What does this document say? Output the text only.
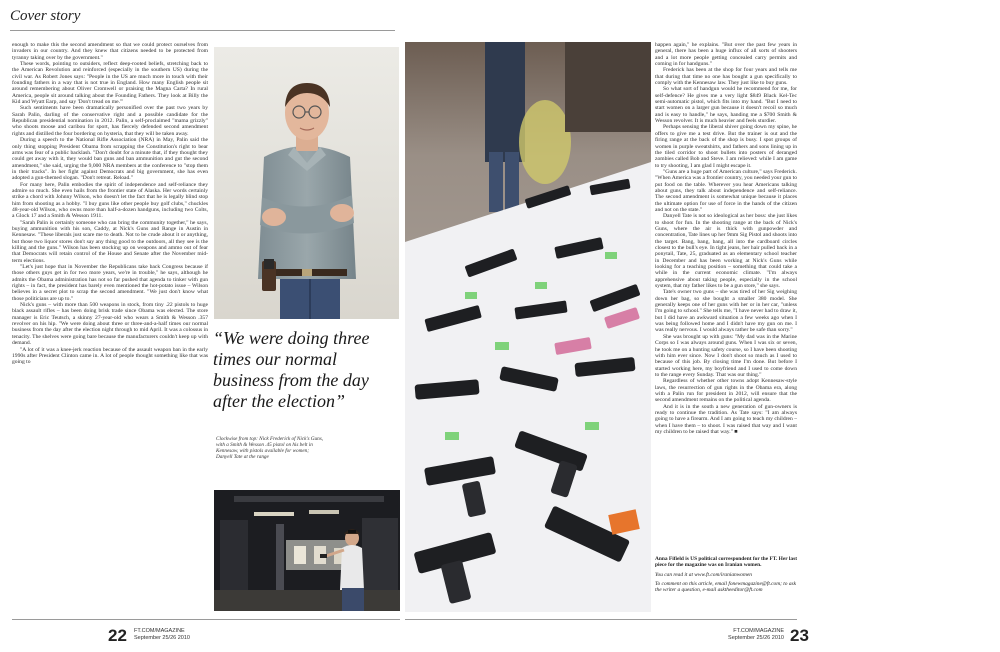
Cover story

enough to make this the second amendment so that we could protect ourselves from invaders in our country. And they knew that citizens needed to be protected from tyranny taking over by the government."

These words, pointing to outsiders, reflect deep-rooted beliefs, stretching back to the American Revolution and reinforced (especially in the southern US) during the civil war. As Robert Jones says: "People in the US are much more in touch with their founding fathers in a way that is not true in England. How many English people sit around remembering about Oliver Cromwell or praising the Magna Carta? In rural America, people sit around talking about the Founding Fathers. They look at Billy the Kid and Wyatt Earp, and say 'Don't tread on me.'"

Such sentiments have been dramatically personified over the past two years by Sarah Palin, darling of the conservative right and a possible candidate for the Republican presidential nomination in 2012. Palin, a self-proclaimed "mama grizzly" who shoots moose and caribou for sport, has fiercely defended second amendment rights and distilled the four bordering on hysteria, that they will be taken away.

During a speech to the National Rifle Association (NRA) in May, Palin said the only thing stopping President Obama from scrapping the Constitution's right to bear arms was fear of a public backlash. "Don't doubt for a minute that, if they thought they could get away with it, they would ban guns and ban ammunition and gut the second amendment," she said, urging the 9,000 NRA members at the conference to "stop them in their tracks". In her fight against Democrats and big government, she has even adopted a gun-themed slogan. "Don't retreat. Reload."

For many here, Palin embodies the spirit of independence and self-reliance they admire so much. She even hails from the frontier state of Alaska. Her words certainly strike a chord with Johnny Wilson, who doesn't let the fact that he is legally blind stop him from shooting as a hobby. "I buy guns like other people buy golf clubs," chuckles 48-year-old Wilson, who owns more than half-a-dozen handguns, including two Colts, a Glock 17 and a Smith & Wesson 1911.

"Sarah Palin is certainly someone who can bring the community together," he says, buying ammunition with his son, Caddy, at Nick's Guns and Range in Austin in Kennesaw. "These liberals just scare me to death. Not to be crude about it or anything, but those two liquor stores don't say any thing good to the outdoors, all they see is the killing and the guns." Wilson has been stocking up on weapons and ammo out of fear that Democrats will retain control of the House and Senate after the November mid-term elections.

"Let's just hope that in November the Republicans take back Congress because if those others guys get in for two more years, we're in trouble," he says, although he admits the Obama administration has not so far pushed that agenda to tinker with gun rights – in fact, the president has barely even mentioned the hot-potato issue – Wilson believes in a secret plot to scrap the second amendment. "We just don't know what those politicians are up to."

Nick's guns – with more than 500 weapons in stock, from tiny .22 pistols to huge black assault rifles – has been doing brisk trade since Obama was elected. The store manager is Eric Teutsch, a skinny 27-year-old who wears a Smith & Wesson .357 revolver on his hip. "We were doing about three or three-and-a-half times our normal business from the day after the election night through to mid April. It was a colossus in tenacity. The shelves were going bare because the manufacturers couldn't keep up with demand.

"A lot of it was a knee-jerk reaction because of the assault weapon ban in the early 1990s after President Clinton came in. A lot of people thought something like that was going to

“We were doing three times our normal business from the day after the election”
Clockwise from top: Nick Frederick of Nick's Guns, with a Smith & Wesson .45 pistol on his belt in Kennesaw, with pistols available for women; Danyell Tate at the range

happen again," he explains. "But over the past few years in general, there has been a huge influx of all sorts of shooters and a lot more people getting concealed carry permits and coming in for handguns."

Frederick has been at the shop for four years and tells me that during that time no one has bought a gun specifically to comply with the Kennesaw law. They just like to buy guns.

So what sort of handgun would he recommend for me, for self-defence? He gives me a very light $849 Black Kel-Tec semi-automatic pistol, which fits into my hand. "But I need to start women on a larger gun because it doesn't recoil so much and is easy to handle," he says, handing me a $700 Smith & Wesson revolver. It is much heavier and feels sturdier.

Perhaps sensing the liberal shiver going down my spine, he offers to give me a test drive. But the trainer is out and the firing range at the back of the shop is busy. I spot groups of women in purple sweatshirts, and fathers and sons lining up in the tiled corridor to shoot bullets into posters of deranged zombies called Bob and Steve. I am relieved: while I am game to try shooting, I am glad I might escape it.

"Guns are a huge part of American culture," says Frederick. "When America was a frontier country, you needed your gun to put food on the table. Wherever you hear Americans talking about guns, they talk about independence and self-reliance. The second amendment is somewhat unique because it places the ultimate option for use of force in the hands of the citizen and not on the state."

Danyell Tate is not so ideological as her boss: she just likes to shoot for fun. In the shooting range at the back of Nick's Guns, where the air is thick with gunpowder and concentration, Tate lines up her 9mm Sig Pistol and shoots into the target. Bang, bang, bang, all into the cardboard circles closest to the bull's eye. In tight jeans, her hair pulled back in a ponytail, Tate, 25, graduated as an elementary school teacher in December and has been working at Nick's Guns while looking for a teaching position – something that could take a while in the current economic climate. "I'm always apprehensive about taking people, especially in the school system, that my father likes to be a gun store," she says.

Tate's owner two guns – she was tired of her Sig weighing down her bag, so she bought a smaller 380 model. She generally keeps one of her guns with her or in her car, "unless I'm going to school." She tells me, "I have never had to draw it, but I did have an awkward situation a few weeks ago when I was being followed home and I didn't have my gun on me. I was really nervous. I would always rather be safe than sorry."

She was brought up with guns: "My dad was in the Marine Corps so I was always around guns. When I was six or seven, he took me on a hunting safety course, so I have been shooting with him ever since. Now I don't shoot so much as I used to because of this job. By closing time I'm done. But before I started working here, my boyfriend and I used to come down to the range every Sunday. That was our thing."

Regardless of whether other towns adopt Kennesaw-style laws, the resurrection of gun rights in the Obama era, along with a Palin run for president in 2012, will ensure that the second amendment remains on the political agenda.

And it is in the south a new generation of gun-owners is ready to continue the tradition. As Tate says: "I am always going to have a firearm. And I am going to teach my children – when I have them – to shoot. I was raised that way and I want my children to be raised that way." ■

Anna Fifield is US political correspondent for the FT. Her last piece for the magazine was on Iranian women.

You can read it at www.ft.com/iranianwomen

To comment on this article, email fonewmagazine@ft.com; to ask the writer a question, e-mail asktheeditor@ft.com

22 FT.COM/MAGAZINE
September 25/26 2010
FT.COM/MAGAZINE
September 25/26 2010 23
